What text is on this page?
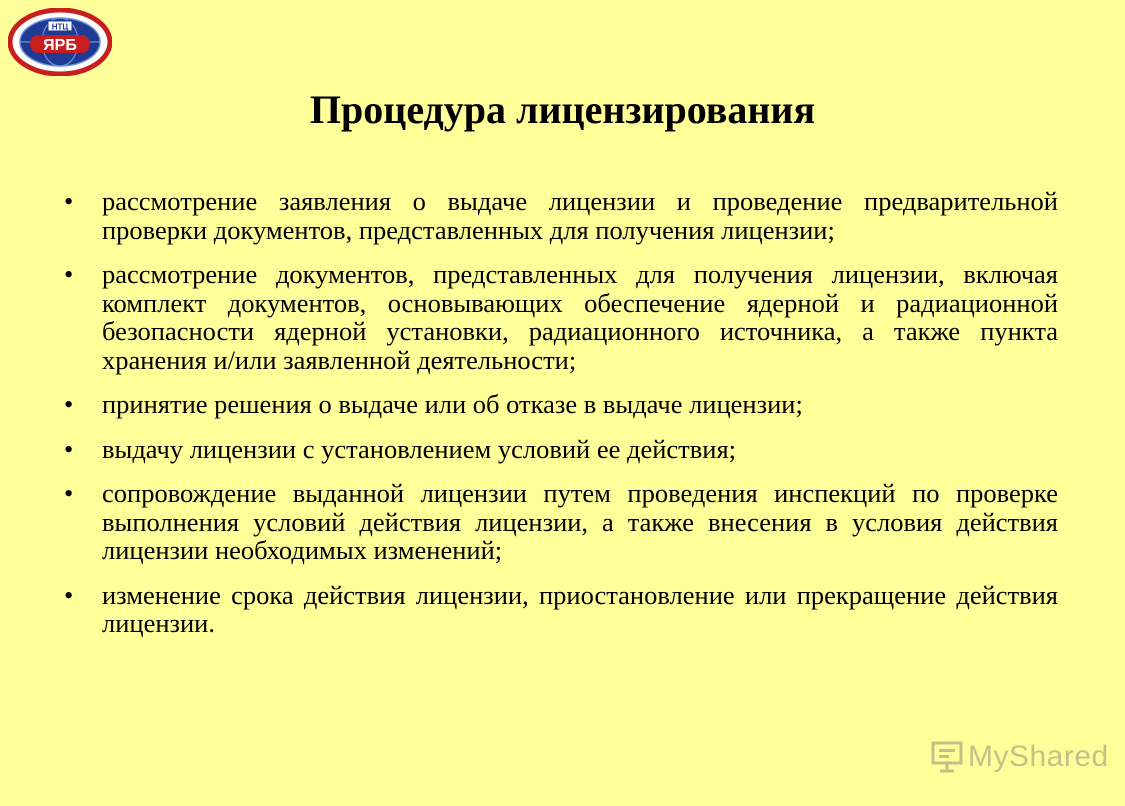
ЯРБ
НТЦ
Процедура лицензирования
• рассмотрение заявления о выдаче лицензии и проведение предварительной проверки документов, представленных для получения лицензии;
• рассмотрение документов, представленных для получения лицензии, включая комплект документов, основывающих обеспечение ядерной и радиационной безопасности ядерной установки, радиационного источника, а также пункта хранения и/или заявленной деятельности;
• принятие решения о выдаче или об отказе в выдаче лицензии;
• выдачу лицензии с установлением условий ее действия;
• сопровождение выданной лицензии путем проведения инспекций по проверке выполнения условий действия лицензии, а также внесения в условия действия лицензии необходимых изменений;
• изменение срока действия лицензии, приостановление или прекращение действия лицензии.
MyShared
